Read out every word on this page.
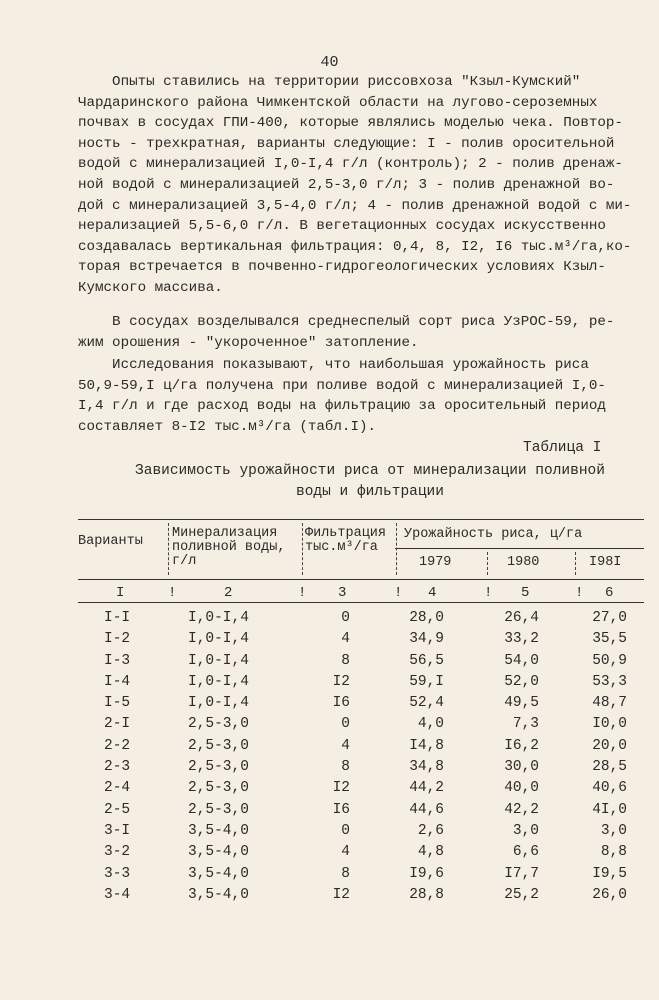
40
Опыты ставились на территории риссовхоза "Кзыл-Кумский"
Чардаринского района Чимкентской области на лугово-сероземных
почвах в сосудах ГПИ-400, которые являлись моделью чека. Повтор-
ность - трехкратная, варианты следующие: I - полив оросительной
водой с минерализацией I,0-I,4 г/л (контроль); 2 - полив дренаж-
ной водой с минерализацией 2,5-3,0 г/л; 3 - полив дренажной во-
дой с минерализацией 3,5-4,0 г/л; 4 - полив дренажной водой с ми-
нерализацией 5,5-6,0 г/л. В вегетационных сосудах искусственно
создавалась вертикальная фильтрация: 0,4, 8, I2, I6 тыс.м³/га,ко-
торая встречается в почвенно-гидрогеологических условиях Кзыл-
Кумского массива.
В сосудах возделывался среднеспелый сорт риса УзРОС-59, ре-
жим орошения - "укороченное" затопление.
Исследования показывают, что наибольшая урожайность риса
50,9-59,I ц/га получена при поливе водой с минерализацией I,0-
I,4 г/л и где расход воды на фильтрацию за оросительный период
составляет 8-I2 тыс.м³/га (табл.I).
Таблица I
Зависимость урожайности риса от минерализации поливной
воды и фильтрации
Варианты
Минерализация
поливной воды,
г/л
Фильтрация
тыс.м³/га
Урожайность риса, ц/га
1979	1980	I98I
I	!	2	! 3	! 4	! 5	! 6
I-I	I,0-I,4	0	28,0	26,4	27,0
I-2	I,0-I,4	4	34,9	33,2	35,5
I-3	I,0-I,4	8	56,5	54,0	50,9
I-4	I,0-I,4	I2	59,I	52,0	53,3
I-5	I,0-I,4	I6	52,4	49,5	48,7
2-I	2,5-3,0	0	4,0	7,3	I0,0
2-2	2,5-3,0	4	I4,8	I6,2	20,0
2-3	2,5-3,0	8	34,8	30,0	28,5
2-4	2,5-3,0	I2	44,2	40,0	40,6
2-5	2,5-3,0	I6	44,6	42,2	4I,0
3-I	3,5-4,0	0	2,6	3,0	3,0
3-2	3,5-4,0	4	4,8	6,6	8,8
3-3	3,5-4,0	8	I9,6	I7,7	I9,5
3-4	3,5-4,0	I2	28,8	25,2	26,0
